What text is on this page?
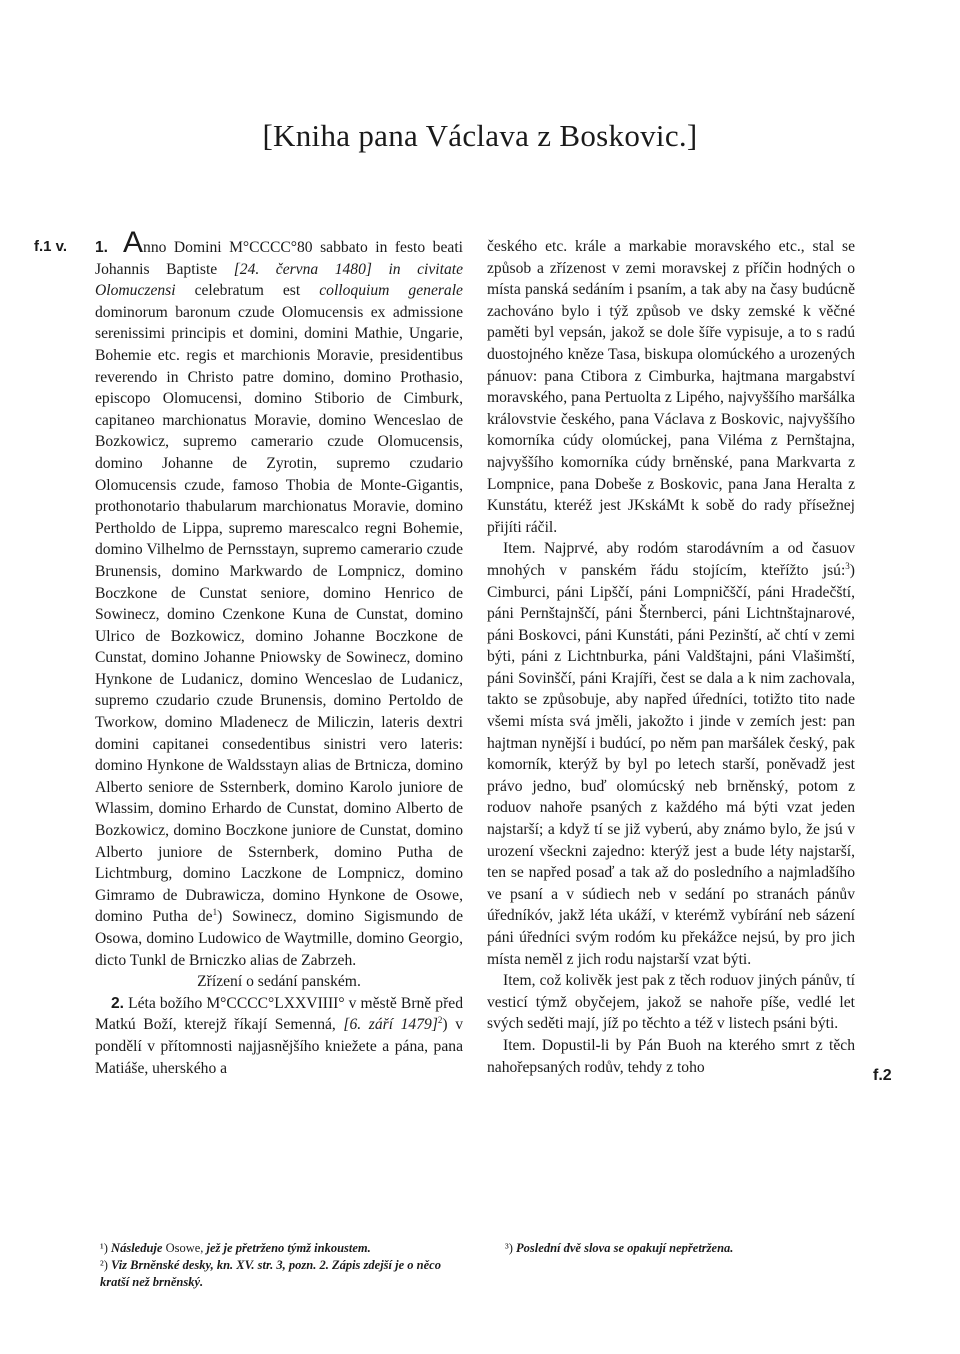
[Kniha pana Václava z Boskovic.]
f.1 v.
f.2

1. Anno Domini M°CCCC°80 sabbato in festo beati Johannis Baptiste [24. června 1480] in civitate Olomuczensi celebratum est colloquium generale dominorum baronum czude Olomucensis ex admissione serenissimi principis et domini, domini Mathie, Ungarie, Bohemie etc. regis et marchionis Moravie, presidentibus reverendo in Christo patre domino, domino Prothasio, episcopo Olomucensi, domino Stiborio de Cimburk, capitaneo marchionatus Moravie, domino Wenceslao de Bozkowicz, supremo camerario czude Olomucensis, domino Johanne de Zyrotin, supremo czudario Olomucensis czude, famoso Thobia de Monte-Gigantis, prothonotario thabularum marchionatus Moravie, domino Pertholdo de Lippa, supremo marescalco regni Bohemie, domino Vilhelmo de Pernsstayn, supremo camerario czude Brunensis, domino Markwardo de Lompnicz, domino Boczkone de Cunstat seniore, domino Henrico de Sowinecz, domino Czenkone Kuna de Cunstat, domino Ulrico de Bozkowicz, domino Johanne Boczkone de Cunstat, domino Johanne Pniowsky de Sowinecz, domino Hynkone de Ludanicz, domino Wenceslao de Ludanicz, supremo czudario czude Brunensis, domino Pertoldo de Tworkow, domino Mladenecz de Miliczin, lateris dextri domini capitanei consedentibus sinistri vero lateris: domino Hynkone de Waldsstayn alias de Brtnicza, domino Alberto seniore de Ssternberk, domino Karolo juniore de Wlassim, domino Erhardo de Cunstat, domino Alberto de Bozkowicz, domino Boczkone juniore de Cunstat, domino Alberto juniore de Ssternberk, domino Putha de Lichtmburg, domino Laczkone de Lompnicz, domino Gimramo de Dubrawicza, domino Hynkone de Osowe, domino Putha $de^1$) Sowinecz, domino Sigismundo de Osowa, domino Ludowico de Waytmille, domino Georgio, dicto Tunkl de Brniczko alias de Zabrzeh.

Zřízení o sedání panském.

2. Léta božího M°CCCC°LXXVIIII° v městě Brně před Matkú Boží, kterejž říkají Semenná, [6. září 1479]$^2$) v pondělí v přítomnosti najjasnějšího kniežete a pána, pana Matiáše, uherského a

českého etc. krále a markabie moravského etc., stal se způsob a zřízenost v zemi moravskej z příčin hodných o místa panská sedáním i psaním, a tak aby na časy budúcně zachováno bylo i týž způsob ve dsky zemské k věčné paměti byl vepsán, jakož se dole šíře vypisuje, a to s radú duostojného kněze Tasa, biskupa olomúckého a urozených pánuov: pana Ctibora z Cimburka, hajtmana margabství moravského, pana Pertuolta z Lipého, najvyššího maršálka královstvie českého, pana Václava z Boskovic, najvyššího komorníka cúdy olomúckej, pana Viléma z Pernštajna, najvyššího komorníka cúdy brněnské, pana Markvarta z Lompnice, pana Dobeše z Boskovic, pana Jana Heralta z Kunstátu, kteréž jest JKskáMt k sobě do rady přísežnej přijíti ráčil.

Item. Najprvé, aby rodóm starodávním a od časuov mnohých v panském řádu stojícím, kteřížto jsú:$^3$) Cimburci, páni Lipščí, páni Lompničščí, páni Hradečští, páni Pernštajnščí, páni Šternberci, páni Lichtnštajnarové, páni Boskovci, páni Kunstáti, páni Pezinští, ač chtí v zemi býti, páni z Lichtnburka, páni Valdštajni, páni Vlašimští, páni Sovinščí, páni Krajíři, čest se dala a k nim zachovala, takto se způsobuje, aby napřed úředníci, totižto tito nade všemi místa svá jměli, jakožto i jinde v zemích jest: pan hajtman nynější i budúcí, po něm pan maršálek český, pak komorník, kterýž by byl po letech starší, poněvadž jest právo jedno, buď olomúcský neb brněnský, potom z roduov nahoře psaných z každého má býti vzat jeden najstarší; a když tí se již vyberú, aby známo bylo, že jsú v urození všeckni zajedno: kterýž jest a bude léty najstarší, ten se napřed posaď a tak až do posledního a najmladšího ve psaní a v súdiech neb v sedání po stranách pánův úředníkóv, jakž léta ukáží, v kterémž vybírání neb sázení páni úředníci svým rodóm ku překážce nejsú, by pro jich místa neměl z jich rodu najstarší vzat býti.

Item, což kolivěk jest pak z těch roduov jiných pánův, tí vesticí týmž obyčejem, jakož se nahoře píše, vedlé let svých seděti mají, jíž po těchto a též v listech psáni býti.

Item. Dopustil-li by Pán Buoh na kterého smrt z těch nahořepsaných rodův, tehdy z toho

¹) Následuje Osowe, jež je přetrženo týmž inkoustem.
²) Viz Brněnské desky, kn. XV. str. 3, pozn. 2. Zápis zdejší je o něco kratší než brněnský.
³) Poslední dvě slova se opakují nepřetržena.
